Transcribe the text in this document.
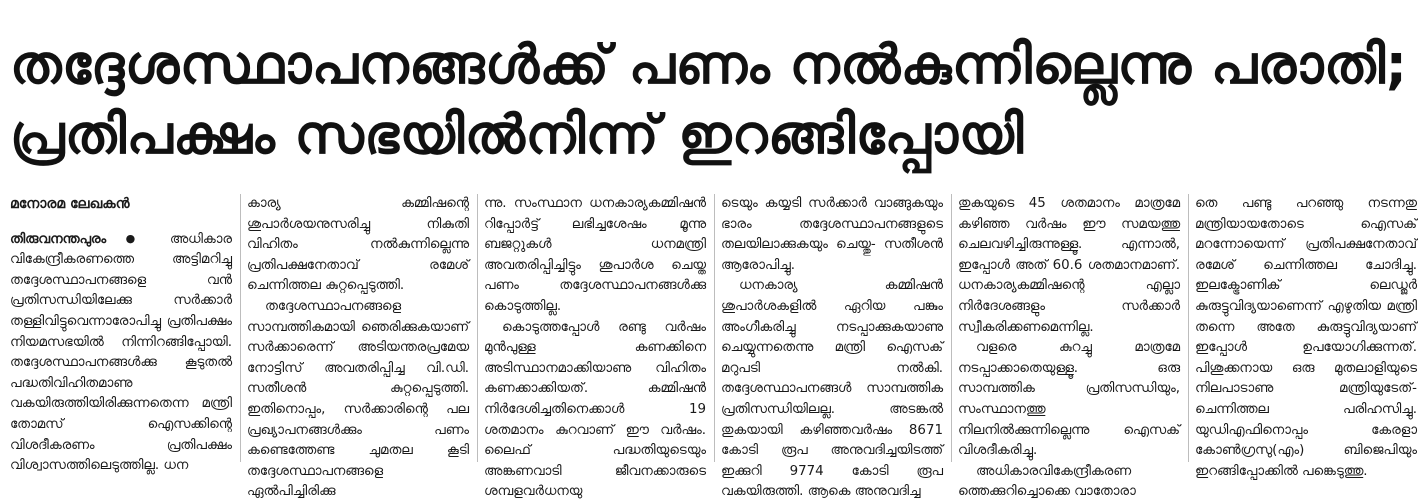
തദ്ദേശസ്ഥാപനങ്ങൾക്ക് പണം നൽകുന്നില്ലെന്നു പരാതി;
പ്രതിപക്ഷം സഭയിൽനിന്ന് ഇറങ്ങിപ്പോയി
മനോരമ ലേഖകൻ

തിരുവനന്തപുരം ● അധികാര വികേന്ദ്രീകരണത്തെ അട്ടിമറിച്ചു തദ്ദേശസ്ഥാപനങ്ങളെ വൻ പ്രതിസന്ധിയിലേക്കു സർക്കാർ തള്ളിവിട്ടുവെന്നാരോപിച്ചു പ്രതിപക്ഷം നിയമസഭയിൽ നിന്നിറങ്ങിപ്പോയി. തദ്ദേശസ്ഥാപനങ്ങൾക്കു കൂടുതൽ പദ്ധതിവിഹിതമാണു വകയിരുത്തിയിരിക്കുന്നതെന്ന മന്ത്രി തോമസ് ഐസക്കിന്റെ വിശദീകരണം പ്രതിപക്ഷം വിശ്വാസത്തിലെടുത്തില്ല. ധന

കാര്യ കമ്മിഷന്റെ ശുപാർശയനുസരിച്ചു നികുതി വിഹിതം നൽകുന്നില്ലെന്നു പ്രതിപക്ഷനേതാവ് രമേശ് ചെന്നിത്തല കുറ്റപ്പെടുത്തി.

തദ്ദേശസ്ഥാപനങ്ങളെ സാമ്പത്തികമായി ഞെരിക്കുകയാണ് സർക്കാരെന്ന് അടിയന്തരപ്രമേയ നോട്ടിസ് അവതരിപ്പിച്ച വി.ഡി. സതീശൻ കുറ്റപ്പെടുത്തി. ഇതിനൊപ്പം, സർക്കാരിന്റെ പല പ്രഖ്യാപനങ്ങൾക്കും പണം കണ്ടെത്തേണ്ട ചുമതല കൂടി തദ്ദേശസ്ഥാപനങ്ങളെ ഏൽപിച്ചിരിക്കു

ന്നു. സംസ്ഥാന ധനകാര്യകമ്മിഷൻ റിപ്പോർട്ട് ലഭിച്ചശേഷം മൂന്നു ബജറ്റുകൾ ധനമന്ത്രി അവതരിപ്പിച്ചിട്ടും ശുപാർശ ചെയ്ത പണം തദ്ദേശസ്ഥാപനങ്ങൾക്കു കൊടുത്തില്ല.

കൊടുത്തപ്പോൾ രണ്ടു വർഷം മുൻപുള്ള കണക്കിനെ അടിസ്ഥാനമാക്കിയാണു വിഹിതം കണക്കാക്കിയത്. കമ്മിഷൻ നിർദേശിച്ചതിനെക്കാൾ 19 ശതമാനം കുറവാണ് ഈ വർഷം. ലൈഫ് പദ്ധതിയുടെയും അങ്കണവാടി ജീവനക്കാരുടെ ശമ്പളവർധനയു

ടെയും കയ്യടി സർക്കാർ വാങ്ങുകയും ഭാരം തദ്ദേശസ്ഥാപനങ്ങളുടെ തലയിലാക്കുകയും ചെയ്തു- സതീശൻ ആരോപിച്ചു.

ധനകാര്യ കമ്മിഷൻ ശുപാർശകളിൽ ഏറിയ പങ്കും അംഗീകരിച്ചു നടപ്പാക്കുകയാണു ചെയ്യുന്നതെന്നു മന്ത്രി ഐസക് മറുപടി നൽകി. തദ്ദേശസ്ഥാപനങ്ങൾ സാമ്പത്തിക പ്രതിസന്ധിയിലല്ല. അടങ്കൽ തുകയായി കഴിഞ്ഞവർഷം 8671 കോടി രൂപ അനുവദിച്ചയിടത്ത് ഇക്കുറി 9774 കോടി രൂപ വകയിരുത്തി. ആകെ അനുവദിച്ച

തുകയുടെ 45 ശതമാനം മാത്രമേ കഴിഞ്ഞ വർഷം ഈ സമയത്തു ചെലവഴിച്ചിരുന്നുള്ളൂ. എന്നാൽ, ഇപ്പോൾ അത് 60.6 ശതമാനമാണ്. ധനകാര്യകമ്മിഷന്റെ എല്ലാ നിർദേശങ്ങളും സർക്കാർ സ്വീകരിക്കണമെന്നില്ല.

വളരെ കുറച്ചു മാത്രമേ നടപ്പാക്കാതെയുള്ളൂ. ഒരു സാമ്പത്തിക പ്രതിസന്ധിയും, സംസ്ഥാനത്തു നിലനിൽക്കുന്നില്ലെന്നു ഐസക് വിശദീകരിച്ചു.

അധികാരവികേന്ദ്രീകരണ ത്തെക്കുറിച്ചൊക്കെ വാതോരാ

തെ പണ്ടു പറഞ്ഞു നടന്നതു മന്ത്രിയായതോടെ ഐസക് മറന്നോയെന്ന് പ്രതിപക്ഷനേതാവ് രമേശ് ചെന്നിത്തല ചോദിച്ചു. ഇലക്ട്രോണിക് ലെഡ്ജർ കുരുട്ടുവിദ്യയാണെന്ന് എഴുതിയ മന്ത്രി തന്നെ അതേ കുരുട്ടുവിദ്യയാണ് ഇപ്പോൾ ഉപയോഗിക്കുന്നത്. പിശുക്കനായ ഒരു മുതലാളിയുടെ നിലപാടാണു മന്ത്രിയുടേത്-ചെന്നിത്തല പരിഹസിച്ചു. യുഡിഎഫിനൊപ്പം കേരളാ കോൺഗ്രസു(എം) ബിജെപിയും ഇറങ്ങിപ്പോക്കിൽ പങ്കെടുത്തു.
